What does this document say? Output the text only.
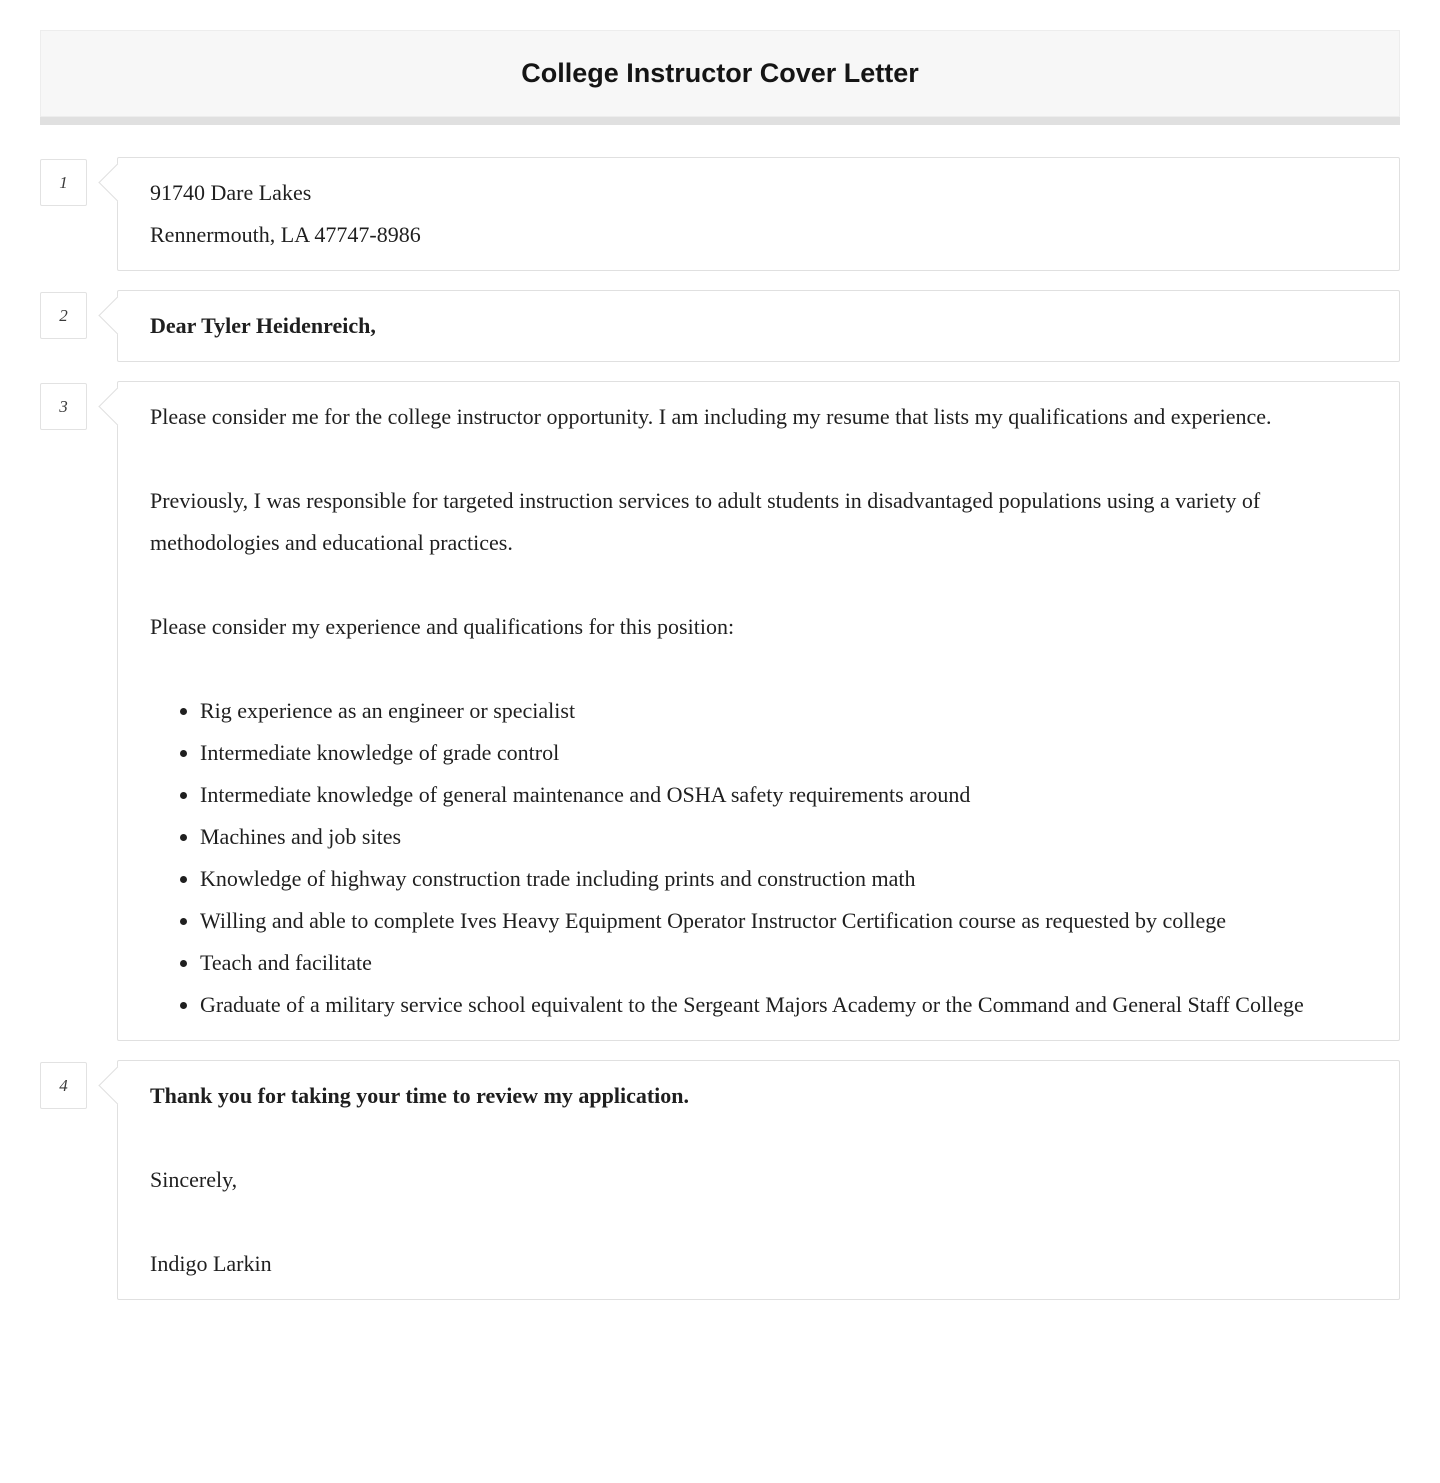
College Instructor Cover Letter
1	91740 Dare Lakes

Rennermouth, LA 47747-8986

2	Dear Tyler Heidenreich,

3	Please consider me for the college instructor opportunity. I am including my resume that lists my qualifications and experience.

Previously, I was responsible for targeted instruction services to adult students in disadvantaged populations using a variety of methodologies and educational practices.

Please consider my experience and qualifications for this position:

• Rig experience as an engineer or specialist
• Intermediate knowledge of grade control
• Intermediate knowledge of general maintenance and OSHA safety requirements around
• Machines and job sites
• Knowledge of highway construction trade including prints and construction math
• Willing and able to complete Ives Heavy Equipment Operator Instructor Certification course as requested by college
• Teach and facilitate
• Graduate of a military service school equivalent to the Sergeant Majors Academy or the Command and General Staff College
4	Thank you for taking your time to review my application.

Sincerely,

Indigo Larkin
